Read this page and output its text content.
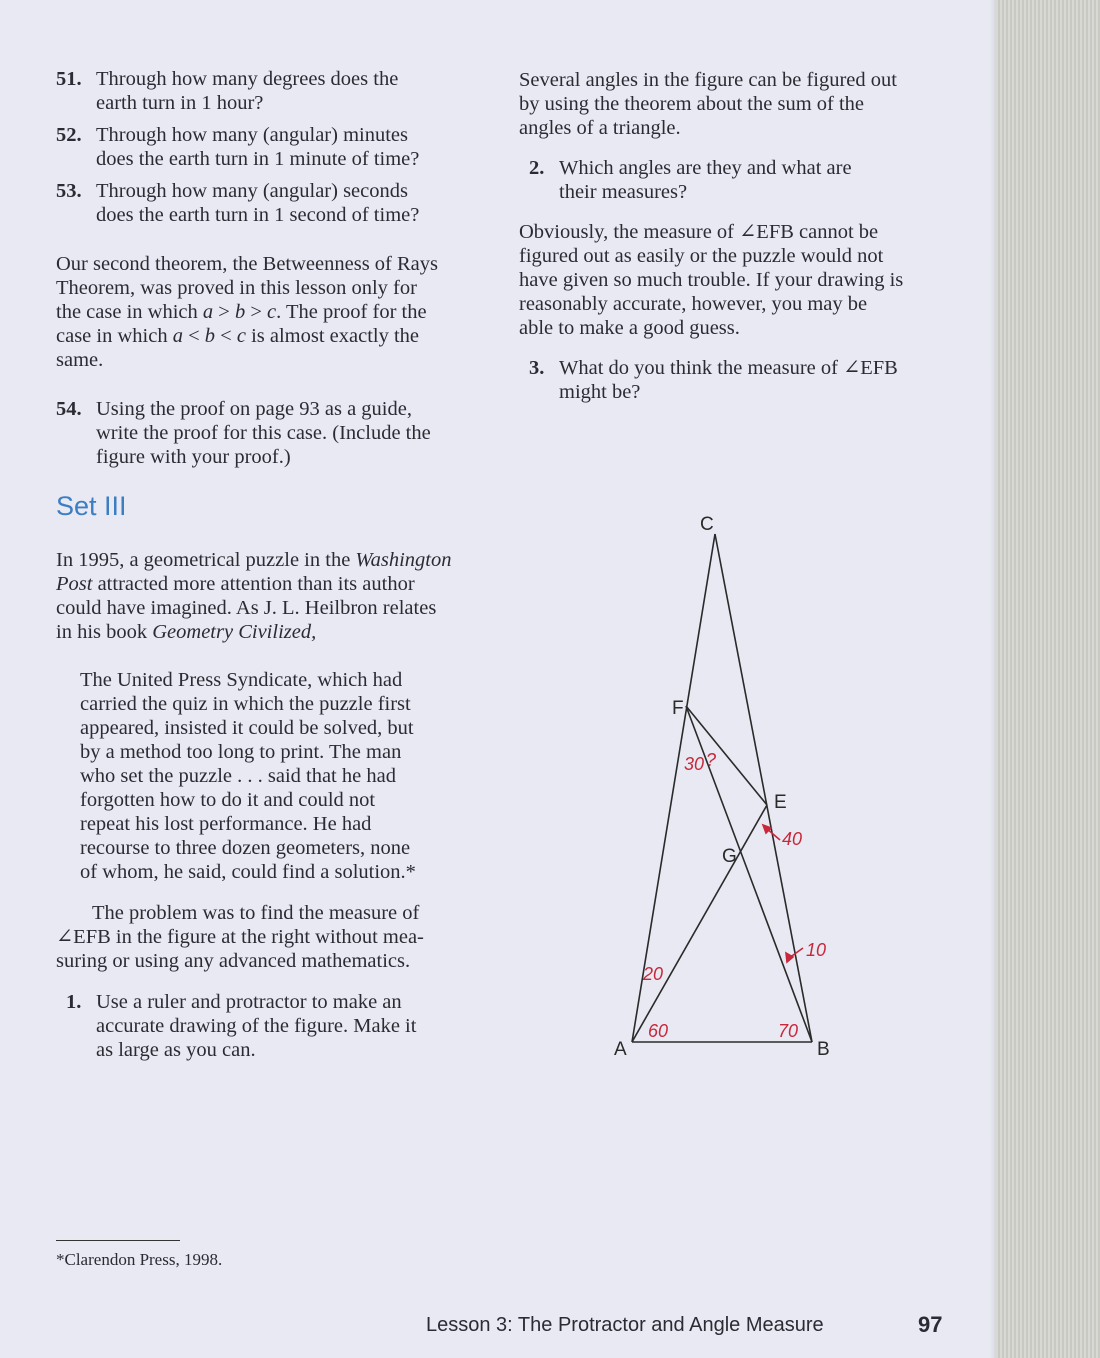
51. Through how many degrees does the
earth turn in 1 hour?
52. Through how many (angular) minutes
does the earth turn in 1 minute of time?
53. Through how many (angular) seconds
does the earth turn in 1 second of time?
Our second theorem, the Betweenness of Rays
Theorem, was proved in this lesson only for
the case in which a > b > c. The proof for the
case in which a < b < c is almost exactly the
same.
54. Using the proof on page 93 as a guide,
write the proof for this case. (Include the
figure with your proof.)
Set III
In 1995, a geometrical puzzle in the Washington
Post attracted more attention than its author
could have imagined. As J. L. Heilbron relates
in his book Geometry Civilized,
The United Press Syndicate, which had
carried the quiz in which the puzzle first
appeared, insisted it could be solved, but
by a method too long to print. The man
who set the puzzle . . . said that he had
forgotten how to do it and could not
repeat his lost performance. He had
recourse to three dozen geometers, none
of whom, he said, could find a solution.*
The problem was to find the measure of
∠EFB in the figure at the right without mea-
suring or using any advanced mathematics.
1. Use a ruler and protractor to make an
accurate drawing of the figure. Make it
as large as you can.
*Clarendon Press, 1998.
Several angles in the figure can be figured out
by using the theorem about the sum of the
angles of a triangle.
2. Which angles are they and what are
their measures?
Obviously, the measure of ∠EFB cannot be
figured out as easily or the puzzle would not
have given so much trouble. If your drawing is
reasonably accurate, however, you may be
able to make a good guess.
3. What do you think the measure of ∠EFB
might be?
C
F
E
G
A	B
30 ?
40
10
20
60	70
Lesson 3: The Protractor and Angle Measure	97
